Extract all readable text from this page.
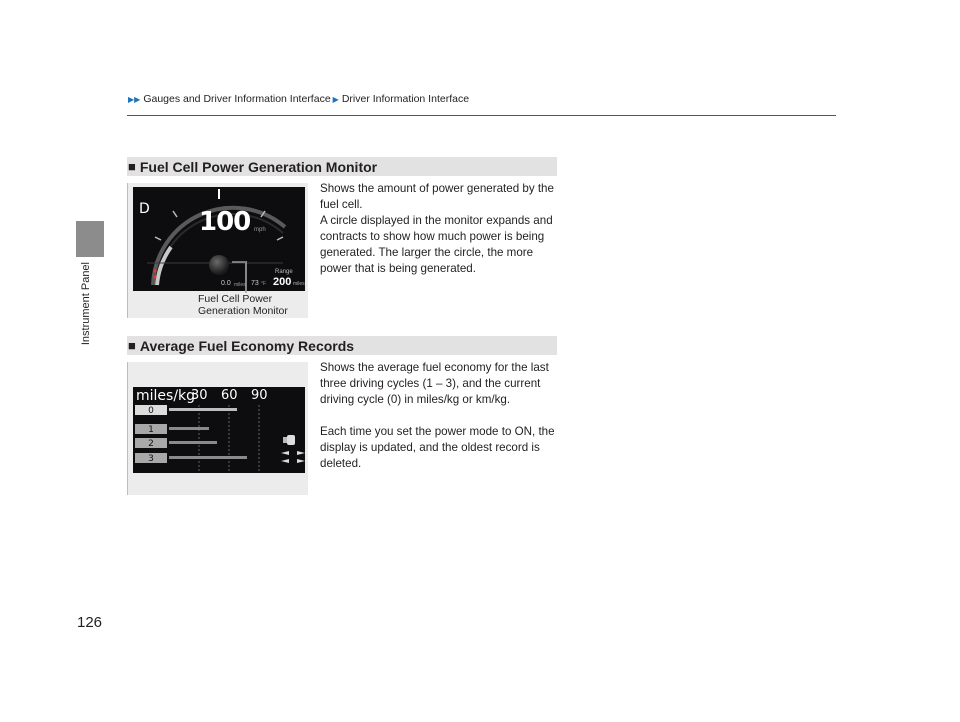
Instrument Panel
▶▶ Gauges and Driver Information Interface ▶ Driver Information Interface
■ Fuel Cell Power Generation Monitor
D 100 mph
Range
200 miles
0.0 miles 73 °F
Fuel Cell Power
Generation Monitor

Shows the amount of power generated by the fuel cell.

A circle displayed in the monitor expands and contracts to show how much power is being generated. The larger the circle, the more power that is being generated.

■ Average Fuel Economy Records
miles/kg
30 60 90
0
1
2
3

Shows the average fuel economy for the last three driving cycles (1 – 3), and the current driving cycle (0) in miles/kg or km/kg.

Each time you set the power mode to ON, the display is updated, and the oldest record is deleted.

126
